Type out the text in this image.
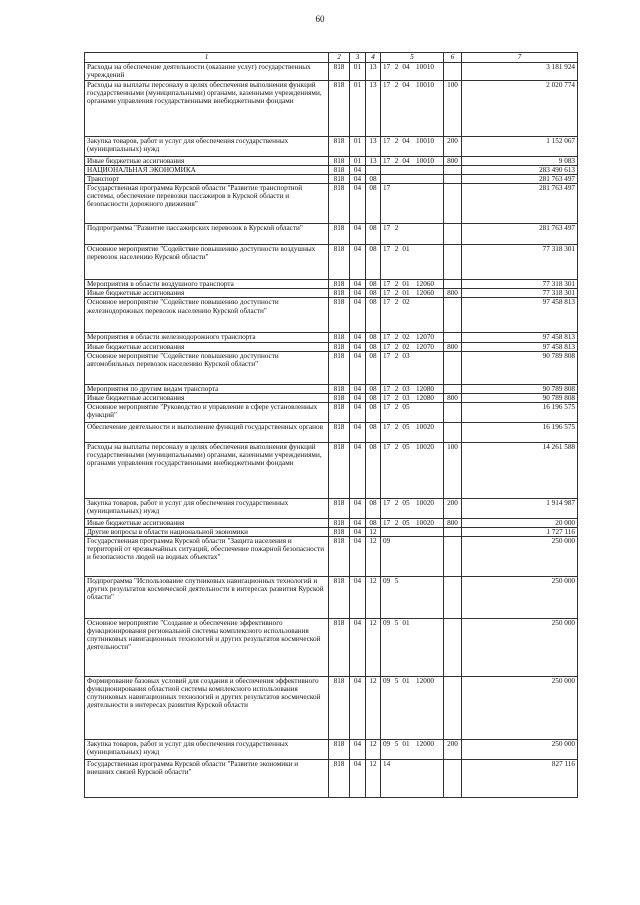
60
1	2	3	4	5	6	7
Расходы на обеспечение деятельности (оказание услуг) государственных учреждений	818	01	13	17 2 04 10010		3 181 924
Расходы на выплаты персоналу в целях обеспечения выполнения функций государственными (муниципальными) органами, казенными учреждениями, органами управления государственными внебюджетными фондами	818	01	13	17 2 04 10010	100	2 020 774
Закупка товаров, работ и услуг для обеспечения государственных (муниципальных) нужд	818	01	13	17 2 04 10010	200	1 152 067
Иные бюджетные ассигнования	818	01	13	17 2 04 10010	800	9 083
НАЦИОНАЛЬНАЯ ЭКОНОМИКА	818	04				283 490 613
Транспорт	818	04	08			281 763 497
Государственная программа Курской области "Развитие транспортной системы, обеспечение перевозки пассажиров в Курской области и безопасности дорожного движения"	818	04	08	17		281 763 497
Подпрограмма "Развитие пассажирских перевозок в Курской области"	818	04	08	17 2		281 763 497
Основное мероприятие "Содействие повышению доступности воздушных перевозок населению Курской области"	818	04	08	17 2 01		77 318 301
Мероприятия в области воздушного транспорта	818	04	08	17 2 01 12060		77 318 301
Иные бюджетные ассигнования	818	04	08	17 2 01 12060	800	77 318 301
Основное мероприятие "Содействие повышению доступности железнодорожных перевозок населению Курской области"	818	04	08	17 2 02		97 458 813
Мероприятия в области железнодорожного транспорта	818	04	08	17 2 02 12070		97 458 813
Иные бюджетные ассигнования	818	04	08	17 2 02 12070	800	97 458 813
Основное мероприятие "Содействие повышению доступности автомобильных перевозок населению Курской области"	818	04	08	17 2 03		90 789 808
Мероприятия по другим видам транспорта	818	04	08	17 2 03 12080		90 789 808
Иные бюджетные ассигнования	818	04	08	17 2 03 12080	800	90 789 808
Основное мероприятие "Руководство и управление в сфере установленных функций"	818	04	08	17 2 05		16 196 575
Обеспечение деятельности и выполнение функций государственных органов	818	04	08	17 2 05 10020		16 196 575
Расходы на выплаты персоналу в целях обеспечения выполнения функций государственными (муниципальными) органами, казенными учреждениями, органами управления государственными внебюджетными фондами	818	04	08	17 2 05 10020	100	14 261 588
Закупка товаров, работ и услуг для обеспечения государственных (муниципальных) нужд	818	04	08	17 2 05 10020	200	1 914 987
Иные бюджетные ассигнования	818	04	08	17 2 05 10020	800	20 000
Другие вопросы в области национальной экономики	818	04	12			1 727 116
Государственная программа Курской области "Защита населения и территорий от чрезвычайных ситуаций, обеспечение пожарной безопасности и безопасности людей на водных объектах"	818	04	12	09		250 000
Подпрограмма "Использование спутниковых навигационных технологий и других результатов космической деятельности в интересах развития Курской области"	818	04	12	09 5		250 000
Основное мероприятие "Создание и обеспечение эффективного функционирования региональной системы комплексного использования спутниковых навигационных технологий и других результатов космической деятельности"	818	04	12	09 5 01		250 000
Формирование базовых условий для создания и обеспечения эффективного функционирования областной системы комплексного использования спутниковых навигационных технологий и других результатов космической деятельности в интересах развития Курской области	818	04	12	09 5 01 12000		250 000
Закупка товаров, работ и услуг для обеспечения государственных (муниципальных) нужд	818	04	12	09 5 01 12000	200	250 000
Государственная программа Курской области "Развитие экономики и внешних связей Курской области"	818	04	12	14		827 116
